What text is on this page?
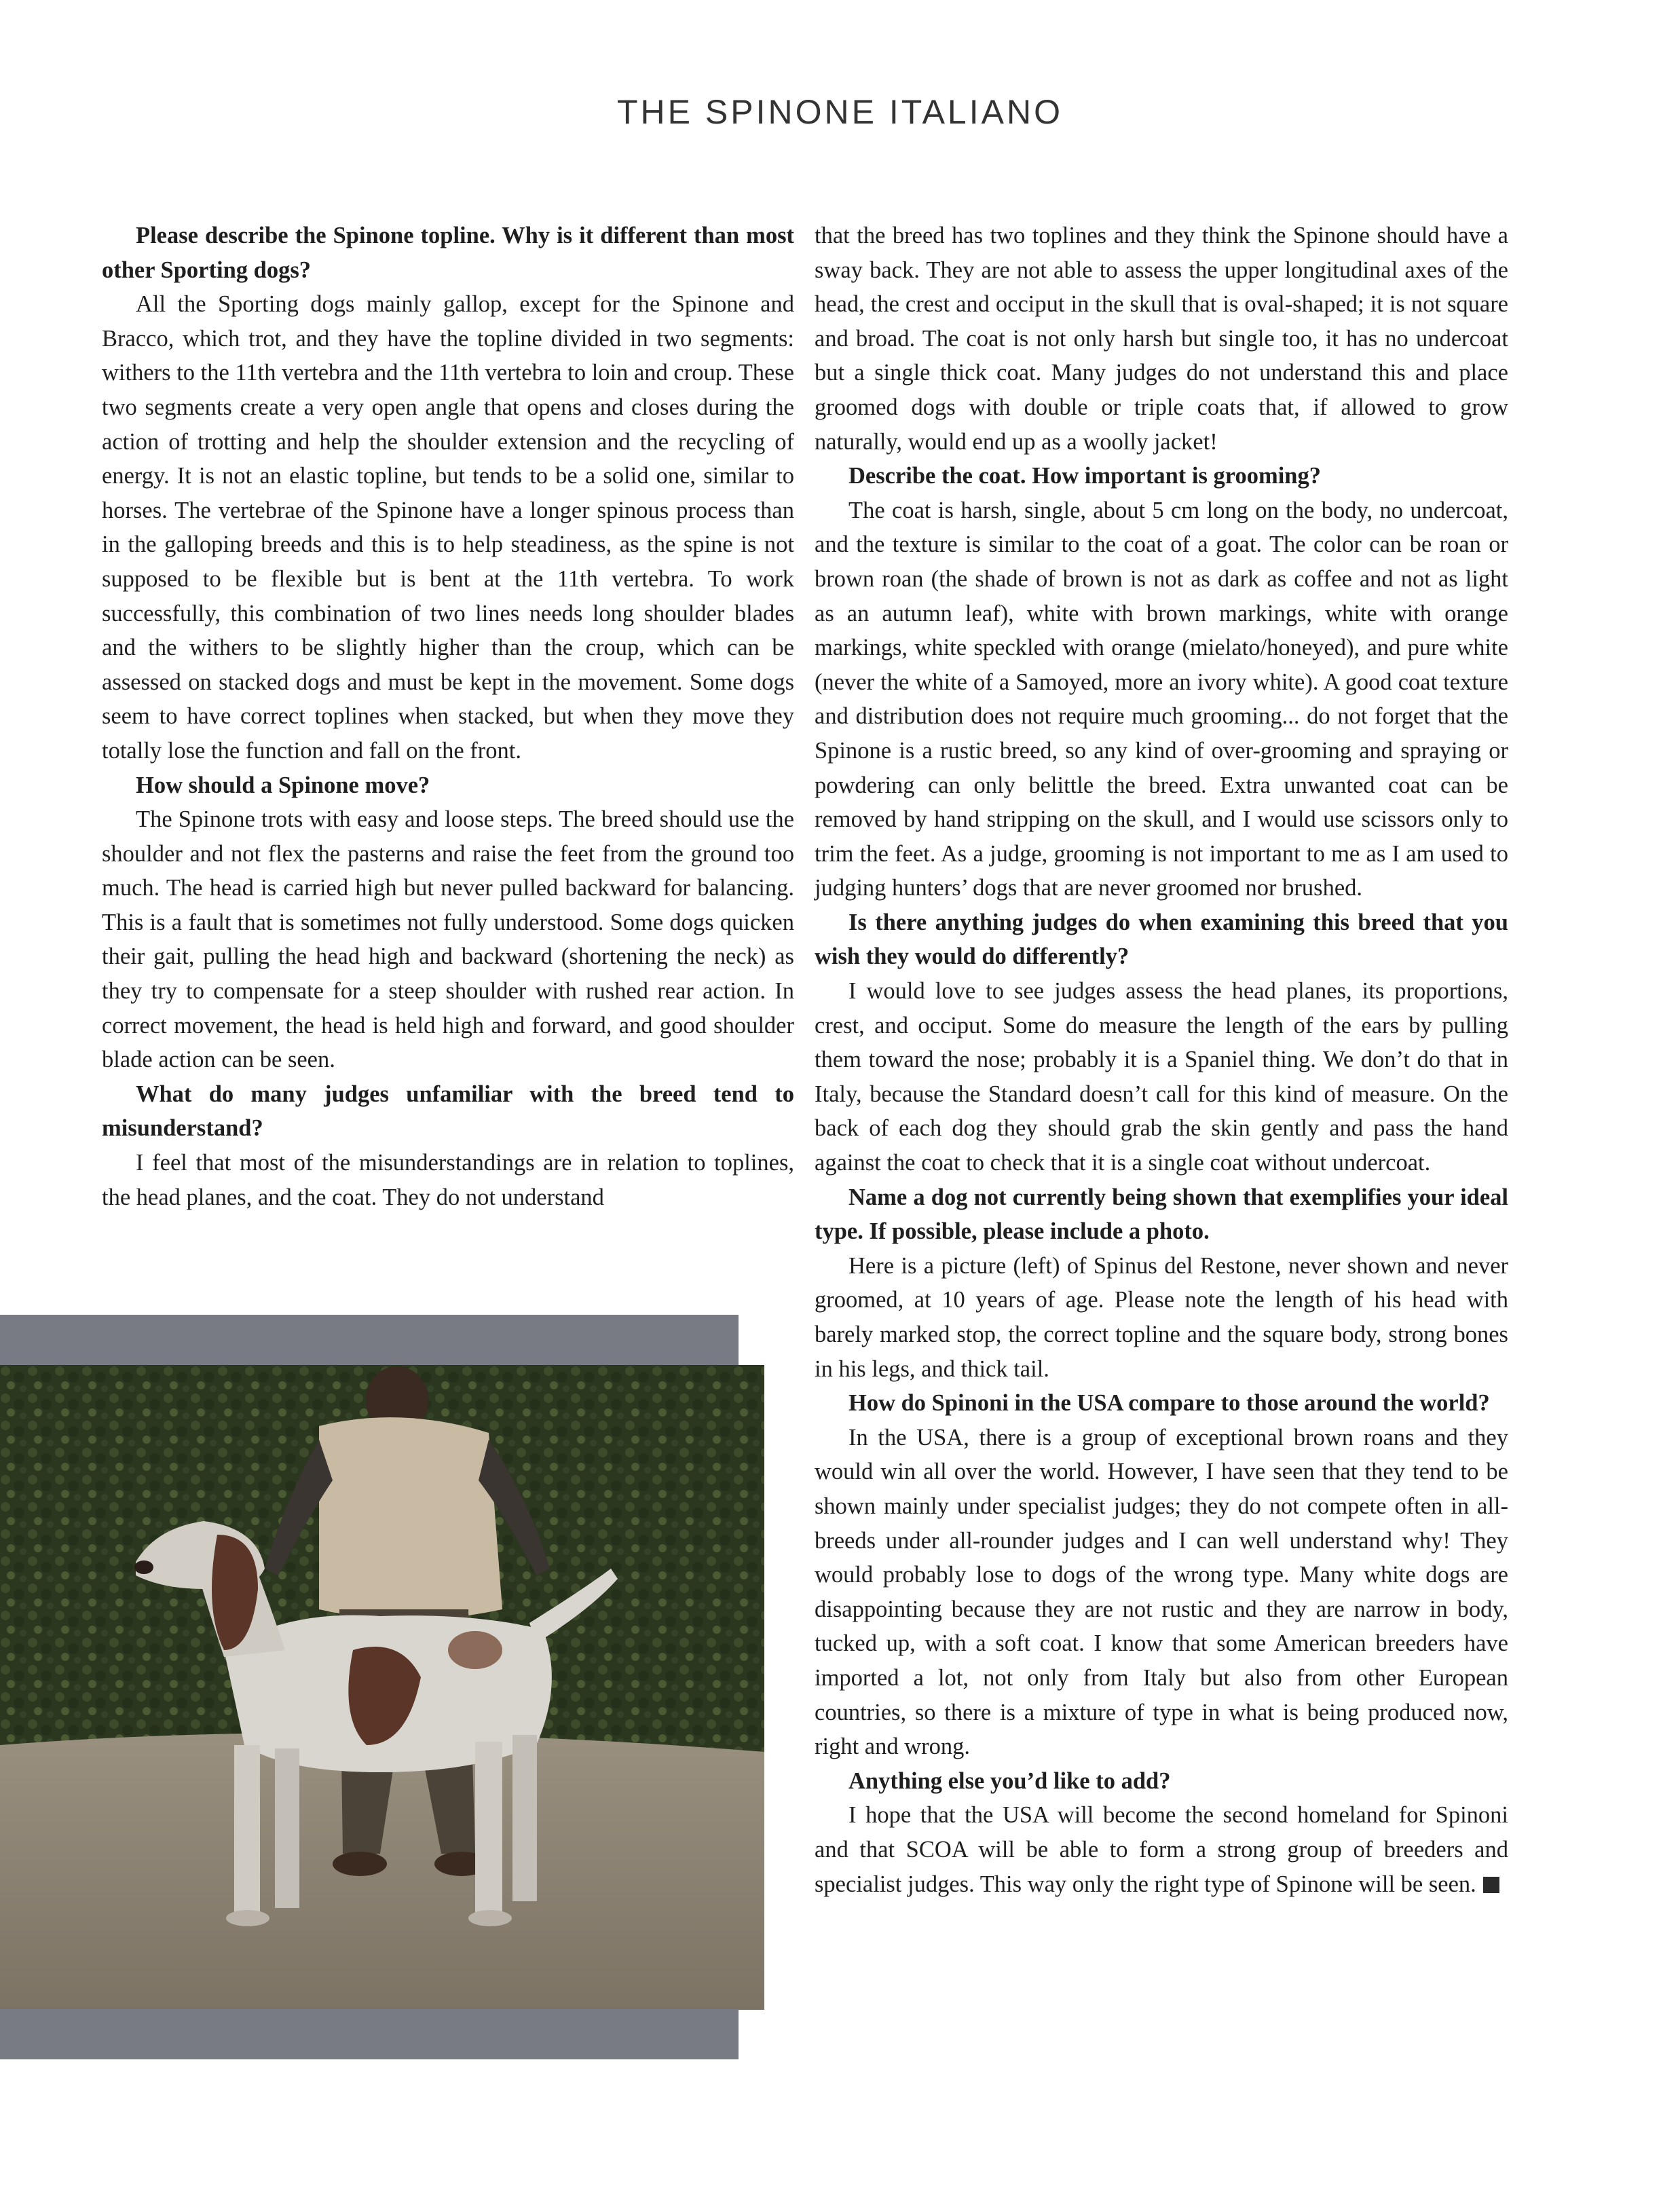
THE SPINONE ITALIANO

Please describe the Spinone topline. Why is it different than most other Sporting dogs?

All the Sporting dogs mainly gallop, except for the Spinone and Bracco, which trot, and they have the topline divided in two segments: withers to the 11th vertebra and the 11th vertebra to loin and croup. These two segments create a very open angle that opens and closes during the action of trotting and help the shoulder extension and the recycling of energy. It is not an elastic topline, but tends to be a solid one, similar to horses. The vertebrae of the Spinone have a longer spinous process than in the galloping breeds and this is to help steadiness, as the spine is not supposed to be flexible but is bent at the 11th vertebra. To work successfully, this combination of two lines needs long shoulder blades and the withers to be slightly higher than the croup, which can be assessed on stacked dogs and must be kept in the movement. Some dogs seem to have correct toplines when stacked, but when they move they totally lose the function and fall on the front.

How should a Spinone move?

The Spinone trots with easy and loose steps. The breed should use the shoulder and not flex the pasterns and raise the feet from the ground too much. The head is carried high but never pulled backward for balancing. This is a fault that is sometimes not fully understood. Some dogs quicken their gait, pulling the head high and backward (shortening the neck) as they try to compensate for a steep shoulder with rushed rear action. In correct movement, the head is held high and forward, and good shoulder blade action can be seen.

What do many judges unfamiliar with the breed tend to misunderstand?

I feel that most of the misunderstandings are in relation to toplines, the head planes, and the coat. They do not understand

that the breed has two toplines and they think the Spinone should have a sway back. They are not able to assess the upper longitudinal axes of the head, the crest and occiput in the skull that is oval-shaped; it is not square and broad. The coat is not only harsh but single too, it has no undercoat but a single thick coat. Many judges do not understand this and place groomed dogs with double or triple coats that, if allowed to grow naturally, would end up as a woolly jacket!

Describe the coat. How important is grooming?

The coat is harsh, single, about 5 cm long on the body, no undercoat, and the texture is similar to the coat of a goat. The color can be roan or brown roan (the shade of brown is not as dark as coffee and not as light as an autumn leaf), white with brown markings, white with orange markings, white speckled with orange (mielato/honeyed), and pure white (never the white of a Samoyed, more an ivory white). A good coat texture and distribution does not require much grooming... do not forget that the Spinone is a rustic breed, so any kind of over-grooming and spraying or powdering can only belittle the breed. Extra unwanted coat can be removed by hand stripping on the skull, and I would use scissors only to trim the feet. As a judge, grooming is not important to me as I am used to judging hunters’ dogs that are never groomed nor brushed.

Is there anything judges do when examining this breed that you wish they would do differently?

I would love to see judges assess the head planes, its proportions, crest, and occiput. Some do measure the length of the ears by pulling them toward the nose; probably it is a Spaniel thing. We don’t do that in Italy, because the Standard doesn’t call for this kind of measure. On the back of each dog they should grab the skin gently and pass the hand against the coat to check that it is a single coat without undercoat.

Name a dog not currently being shown that exemplifies your ideal type. If possible, please include a photo.

Here is a picture (left) of Spinus del Restone, never shown and never groomed, at 10 years of age. Please note the length of his head with barely marked stop, the correct topline and the square body, strong bones in his legs, and thick tail.

How do Spinoni in the USA compare to those around the world?

In the USA, there is a group of exceptional brown roans and they would win all over the world. However, I have seen that they tend to be shown mainly under specialist judges; they do not compete often in all-breeds under all-rounder judges and I can well understand why! They would probably lose to dogs of the wrong type. Many white dogs are disappointing because they are not rustic and they are narrow in body, tucked up, with a soft coat. I know that some American breeders have imported a lot, not only from Italy but also from other European countries, so there is a mixture of type in what is being produced now, right and wrong.

Anything else you’d like to add?

I hope that the USA will become the second homeland for Spinoni and that SCOA will be able to form a strong group of breeders and specialist judges. This way only the right type of Spinone will be seen.
